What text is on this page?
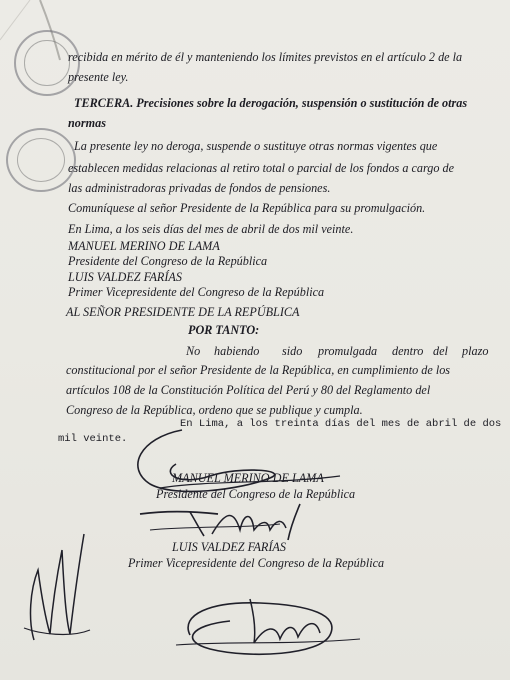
recibida en mérito de él y manteniendo los límites previstos en el artículo 2 de la
presente ley.
TERCERA. Precisiones sobre la derogación, suspensión o sustitución de otras
normas
La presente ley no deroga, suspende o sustituye otras normas vigentes que
establecen medidas relacionas al retiro total o parcial de los fondos a cargo de
las administradoras privadas de fondos de pensiones.
Comuníquese al señor Presidente de la República para su promulgación.
En Lima, a los seis días del mes de abril de dos mil veinte.
MANUEL MERINO DE LAMA
Presidente del Congreso de la República
LUIS VALDEZ FARÍAS
Primer Vicepresidente del Congreso de la República
AL SEÑOR PRESIDENTE DE LA REPÚBLICA
POR TANTO:
No habiendo sido promulgada dentro del plazo
constitucional por el señor Presidente de la República, en cumplimiento de los
artículos 108 de la Constitución Política del Perú y 80 del Reglamento del
Congreso de la República, ordeno que se publique y cumpla.
En Lima, a los treinta días del mes de abril de dos
mil veinte.
MANUEL MERINO DE LAMA
Presidente del Congreso de la República
LUIS VALDEZ FARÍAS
Primer Vicepresidente del Congreso de la República
